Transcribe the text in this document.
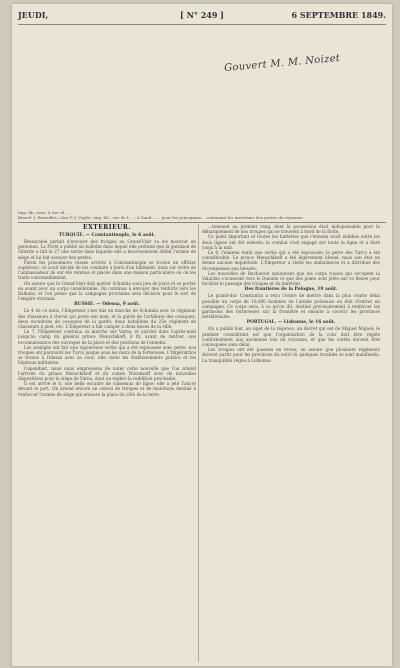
JEUDI,	[ N° 249 ]	6 SEPTEMBRE 1849.
Gouvert M. M. Noizet
Imp.-lib. rues, 4 rue vil... ...
Bruxel. J. Bruxelles, chez P. J. Voglet, imp.-lib., rue de l'... ; à Gand... ... pour les principaux... contenant les insertions des postes du royaume.
EXTÉRIEUR.
TURQUIE. — Constantinople, le 6 août.

Bessarabie parlait d'envoyer des troupes au Grand-Visir va les mouvoir en personne. La Porte a publié un bulletin dans lequel elle prétend que la garnison de Silistrie a fait le 27 une sortie dans laquelle elle a heureusement défait l'armée de siège et lui fait essuyer des pertes.

Parmi les prisonniers russes arrivés à Constantinople se trouve un officier supérieur; on avait décidé de les conduire à bord d'un bâtiment; mais sur ordre de l'ambassadeur ils ont été retenus et placés dans une maison particulière où on les traite convenablement.

On assure que le Grand-Visir doit quitter Schumla sous peu de jours et se porter en avant avec un corps considérable. On continue à envoyer des renforts vers les Balkans, et l'on pense que la campagne prochaine sera décisive pour le sort de l'empire ottoman.

RUSSIE. — Odessa, 9 août.

Le 4 de ce mois, l'Empereur s'est mis en marche de Schumla avec le régiment des chasseurs à cheval qui porte son nom, et la garde de l'artillerie des cosaques, deux escadrons de cosaques de la garde; deux bataillons du 25e régiment de chasseurs à pied, etc. L'Empereur a fait camper à deux lieues de la ville.

Le 7, l'Empereur continua sa marche sur Varna, et parvint dans l'après-midi jusqu'au camp du général prince Menschikoff; il fit, avant de rentrer, une reconnaissance des ouvrages de la place et des positions de l'ennemi.

Les assiégés ont fait une vigoureuse sortie qui a été repoussée avec perte; nos troupes ont poursuivi les Turcs jusque sous les murs de la forteresse. L'Impératrice se trouve à Odessa avec sa cour; elle visite les établissements publics et les hôpitaux militaires.

Cependant, nous nous empressons de noter cette nouvelle que l'on attend l'arrivée du prince Menschikoff et du comte Woronzoff avec de nouvelles dispositions pour le siège de Varna, dont on espère la reddition prochaine.

Il est arrivé le 6, une belle escadre de vaisseaux de ligne; elle a jeté l'ancre devant le port. On attend encore un convoi de troupes et de munitions destiné à renforcer l'armée de siège qui entoure la place du côté de la terre.

...tiennent au premier rang, dont la possession était indispensable pour le débarquement de nos troupes qui se trouvent à bord de la flotte.

Ce point important et toutes les batteries que l'ennemi avait établies entre les deux lignes ont été enlevés; le combat s'est engagé sur toute la ligne et a duré jusqu'à la nuit.

Le 8, l'ennemi tenta une sortie qui a été repoussée; la perte des Turcs a été considérable. Le prince Menschikoff a été légèrement blessé, mais son état ne donne aucune inquiétude. L'Empereur a visité les ambulances et a distribué des récompenses aux blessés.

Les nouvelles de Bucharest annoncent que les corps russes qui occupent la Valachie s'avancent vers le Danube et que des ponts sont jetés sur ce fleuve pour faciliter le passage des troupes et du matériel.

Des frontières de la Pologne, 19 août.

Le grand-duc Constantin a reçu l'ordre de mettre dans la plus courte délai possible un corps de 10,000 hommes de l'armée polonaise en état d'entrer en campagne. Ce corps sera, à ce qu'on dit, destiné provisoirement à renforcer les garnisons des forteresses sur la frontière et ensuite à couvrir les provinces méridionales.

PORTUGAL. — Lisbonne, le 16 août.

On a publié hier, au sujet de la régence, un décret qui est de Miguel Miguel; le premier considérant est que l'organisation de la cour doit être réglée conformément aux anciennes lois du royaume, et que les cortès doivent être convoquées sans délai.

Les troupes ont été passées en revue; on assure que plusieurs régiments doivent partir pour les provinces du nord où quelques troubles se sont manifestés. La tranquillité règne à Lisbonne.
